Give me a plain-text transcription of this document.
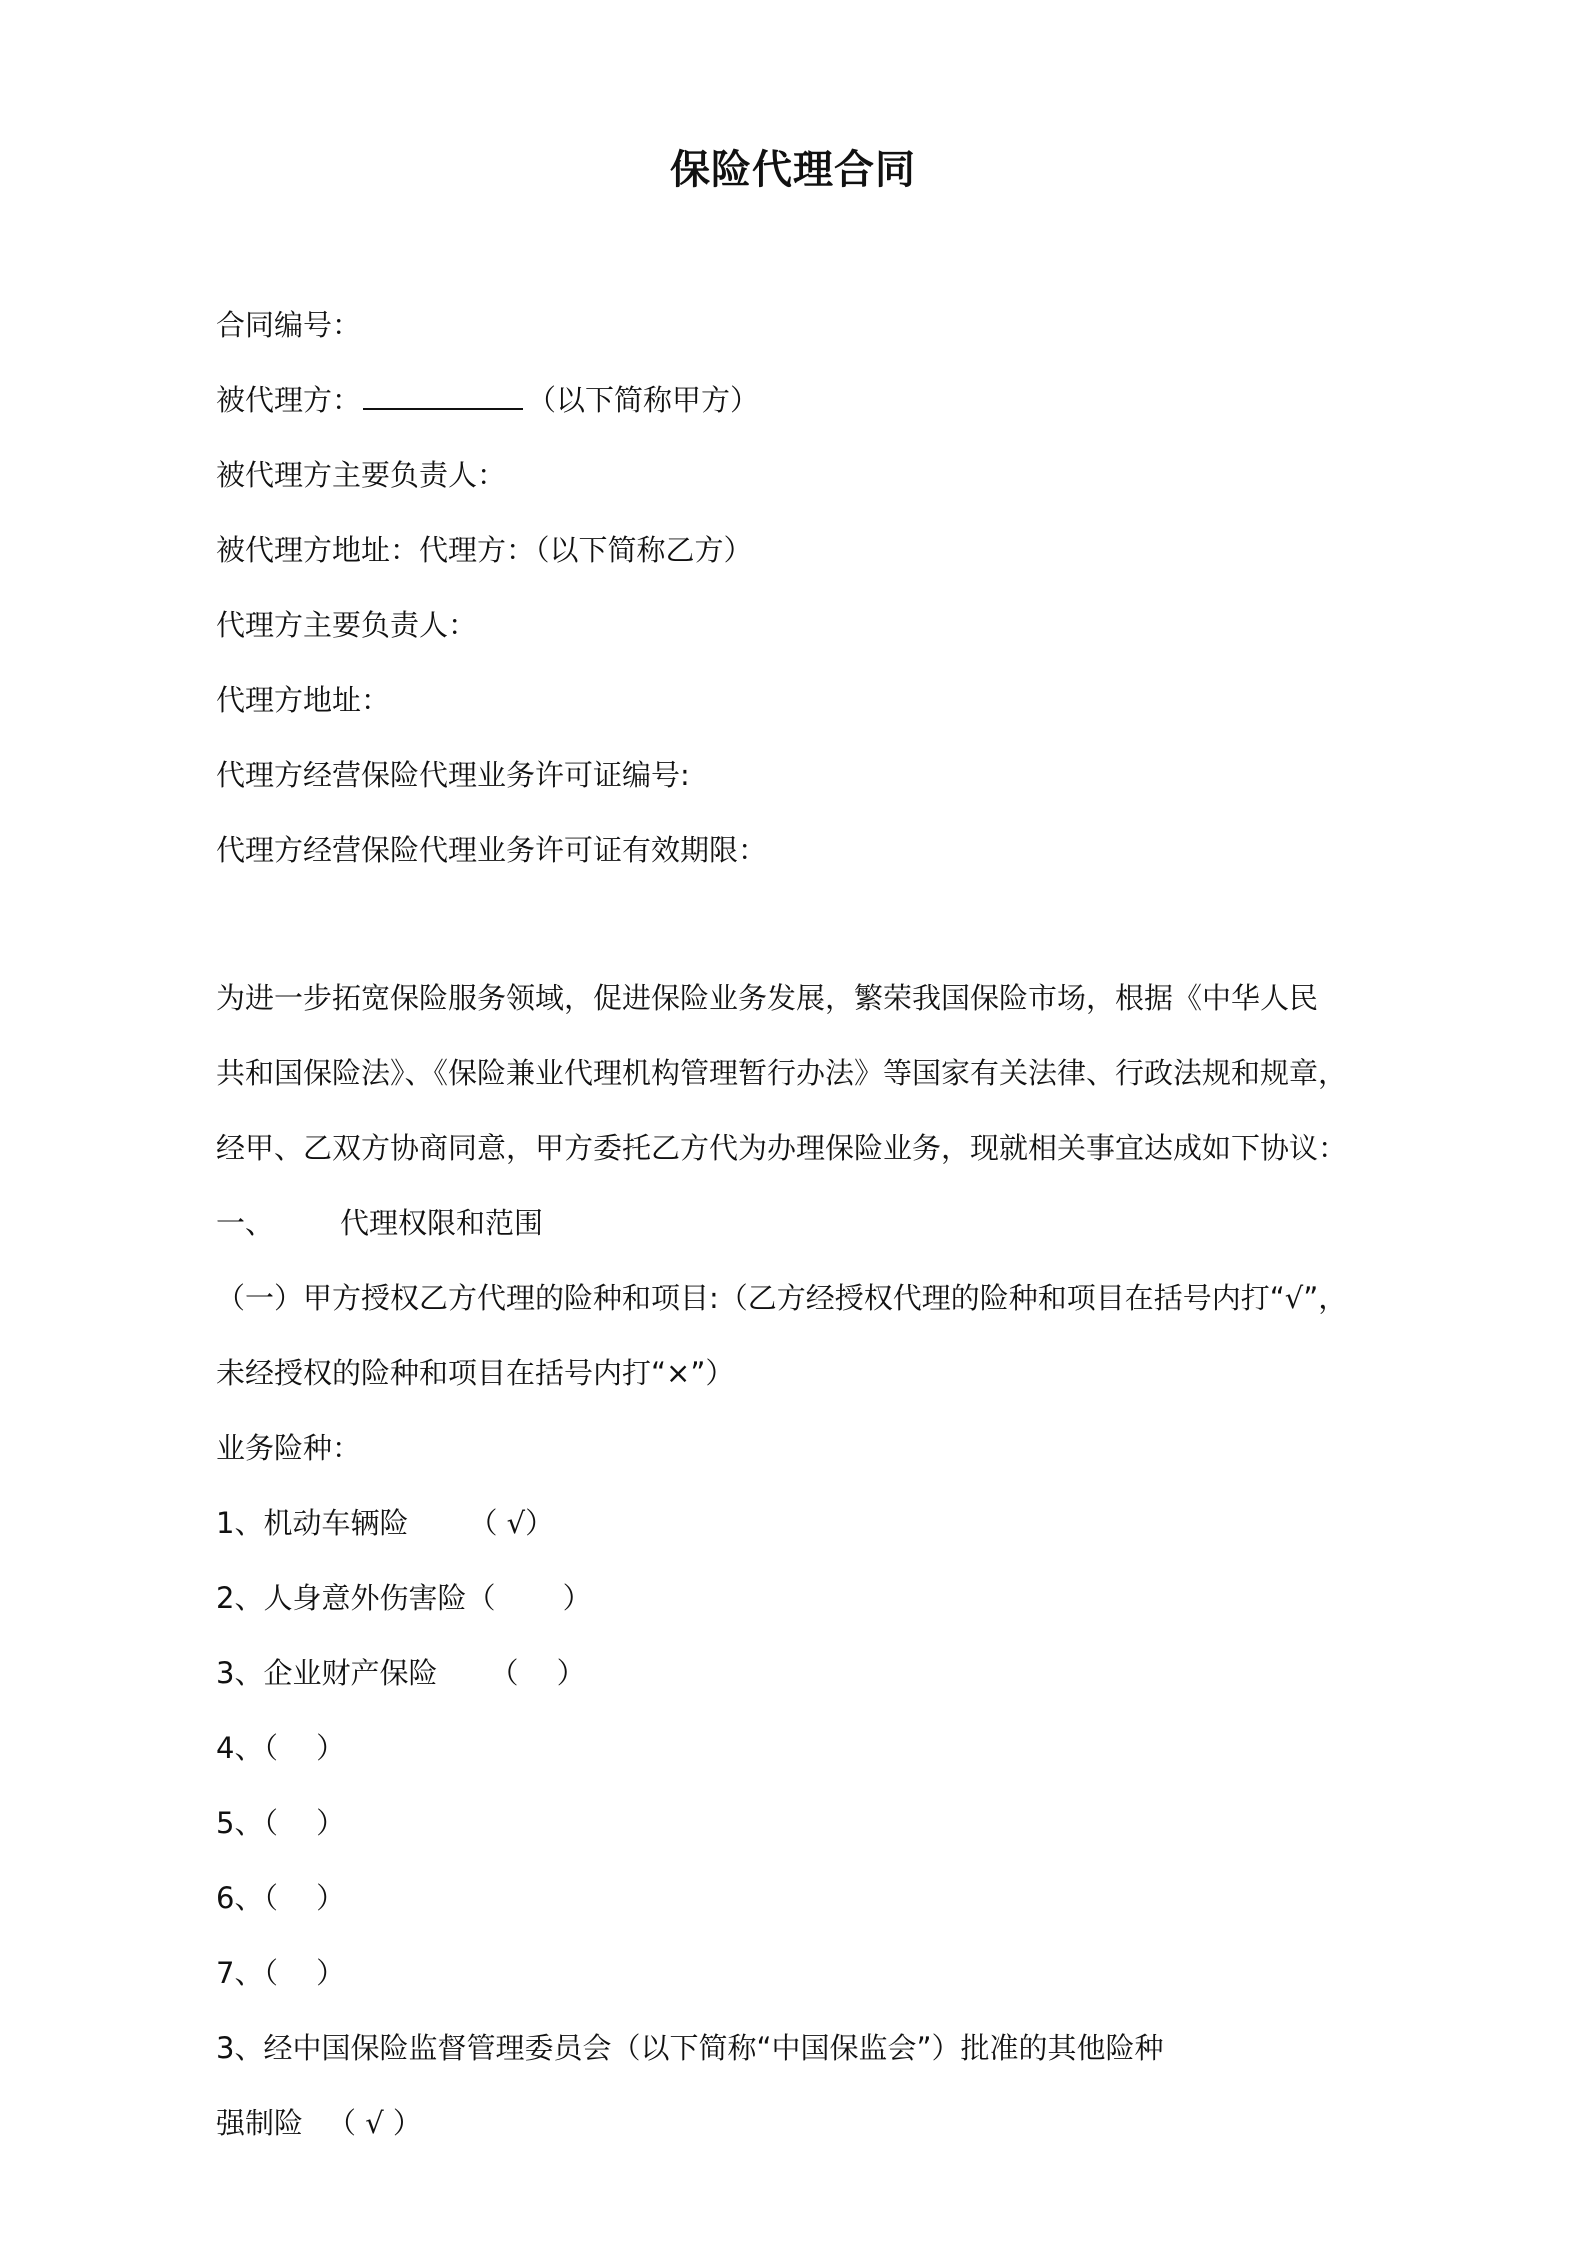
保险代理合同
合同编号：
被代理方：	（以下简称甲方）
被代理方主要负责人：
被代理方地址：代理方：（以下简称乙方）
代理方主要负责人：
代理方地址：
代理方经营保险代理业务许可证编号:
代理方经营保险代理业务许可证有效期限：
为进一步拓宽保险服务领域，促进保险业务发展，繁荣我国保险市场，根据《中华人民
共和国保险法》、《保险兼业代理机构管理暂行办法》等国家有关法律、行政法规和规章，
经甲、乙双方协商同意，甲方委托乙方代为办理保险业务，现就相关事宜达成如下协议：
一、 代理权限和范围
（一）甲方授权乙方代理的险种和项目:（乙方经授权代理的险种和项目在括号内打“√”，
未经授权的险种和项目在括号内打“×”）
业务险种：
1、机动车辆险 （ √）
2、人身意外伤害险（　　 ）
3、企业财产保险 （　 ）
4、（　 ）
5、（　 ）
6、（　 ）
7、（　 ）
3、经中国保险监督管理委员会（以下简称“中国保监会”）批准的其他险种
强制险 （ √ ）
